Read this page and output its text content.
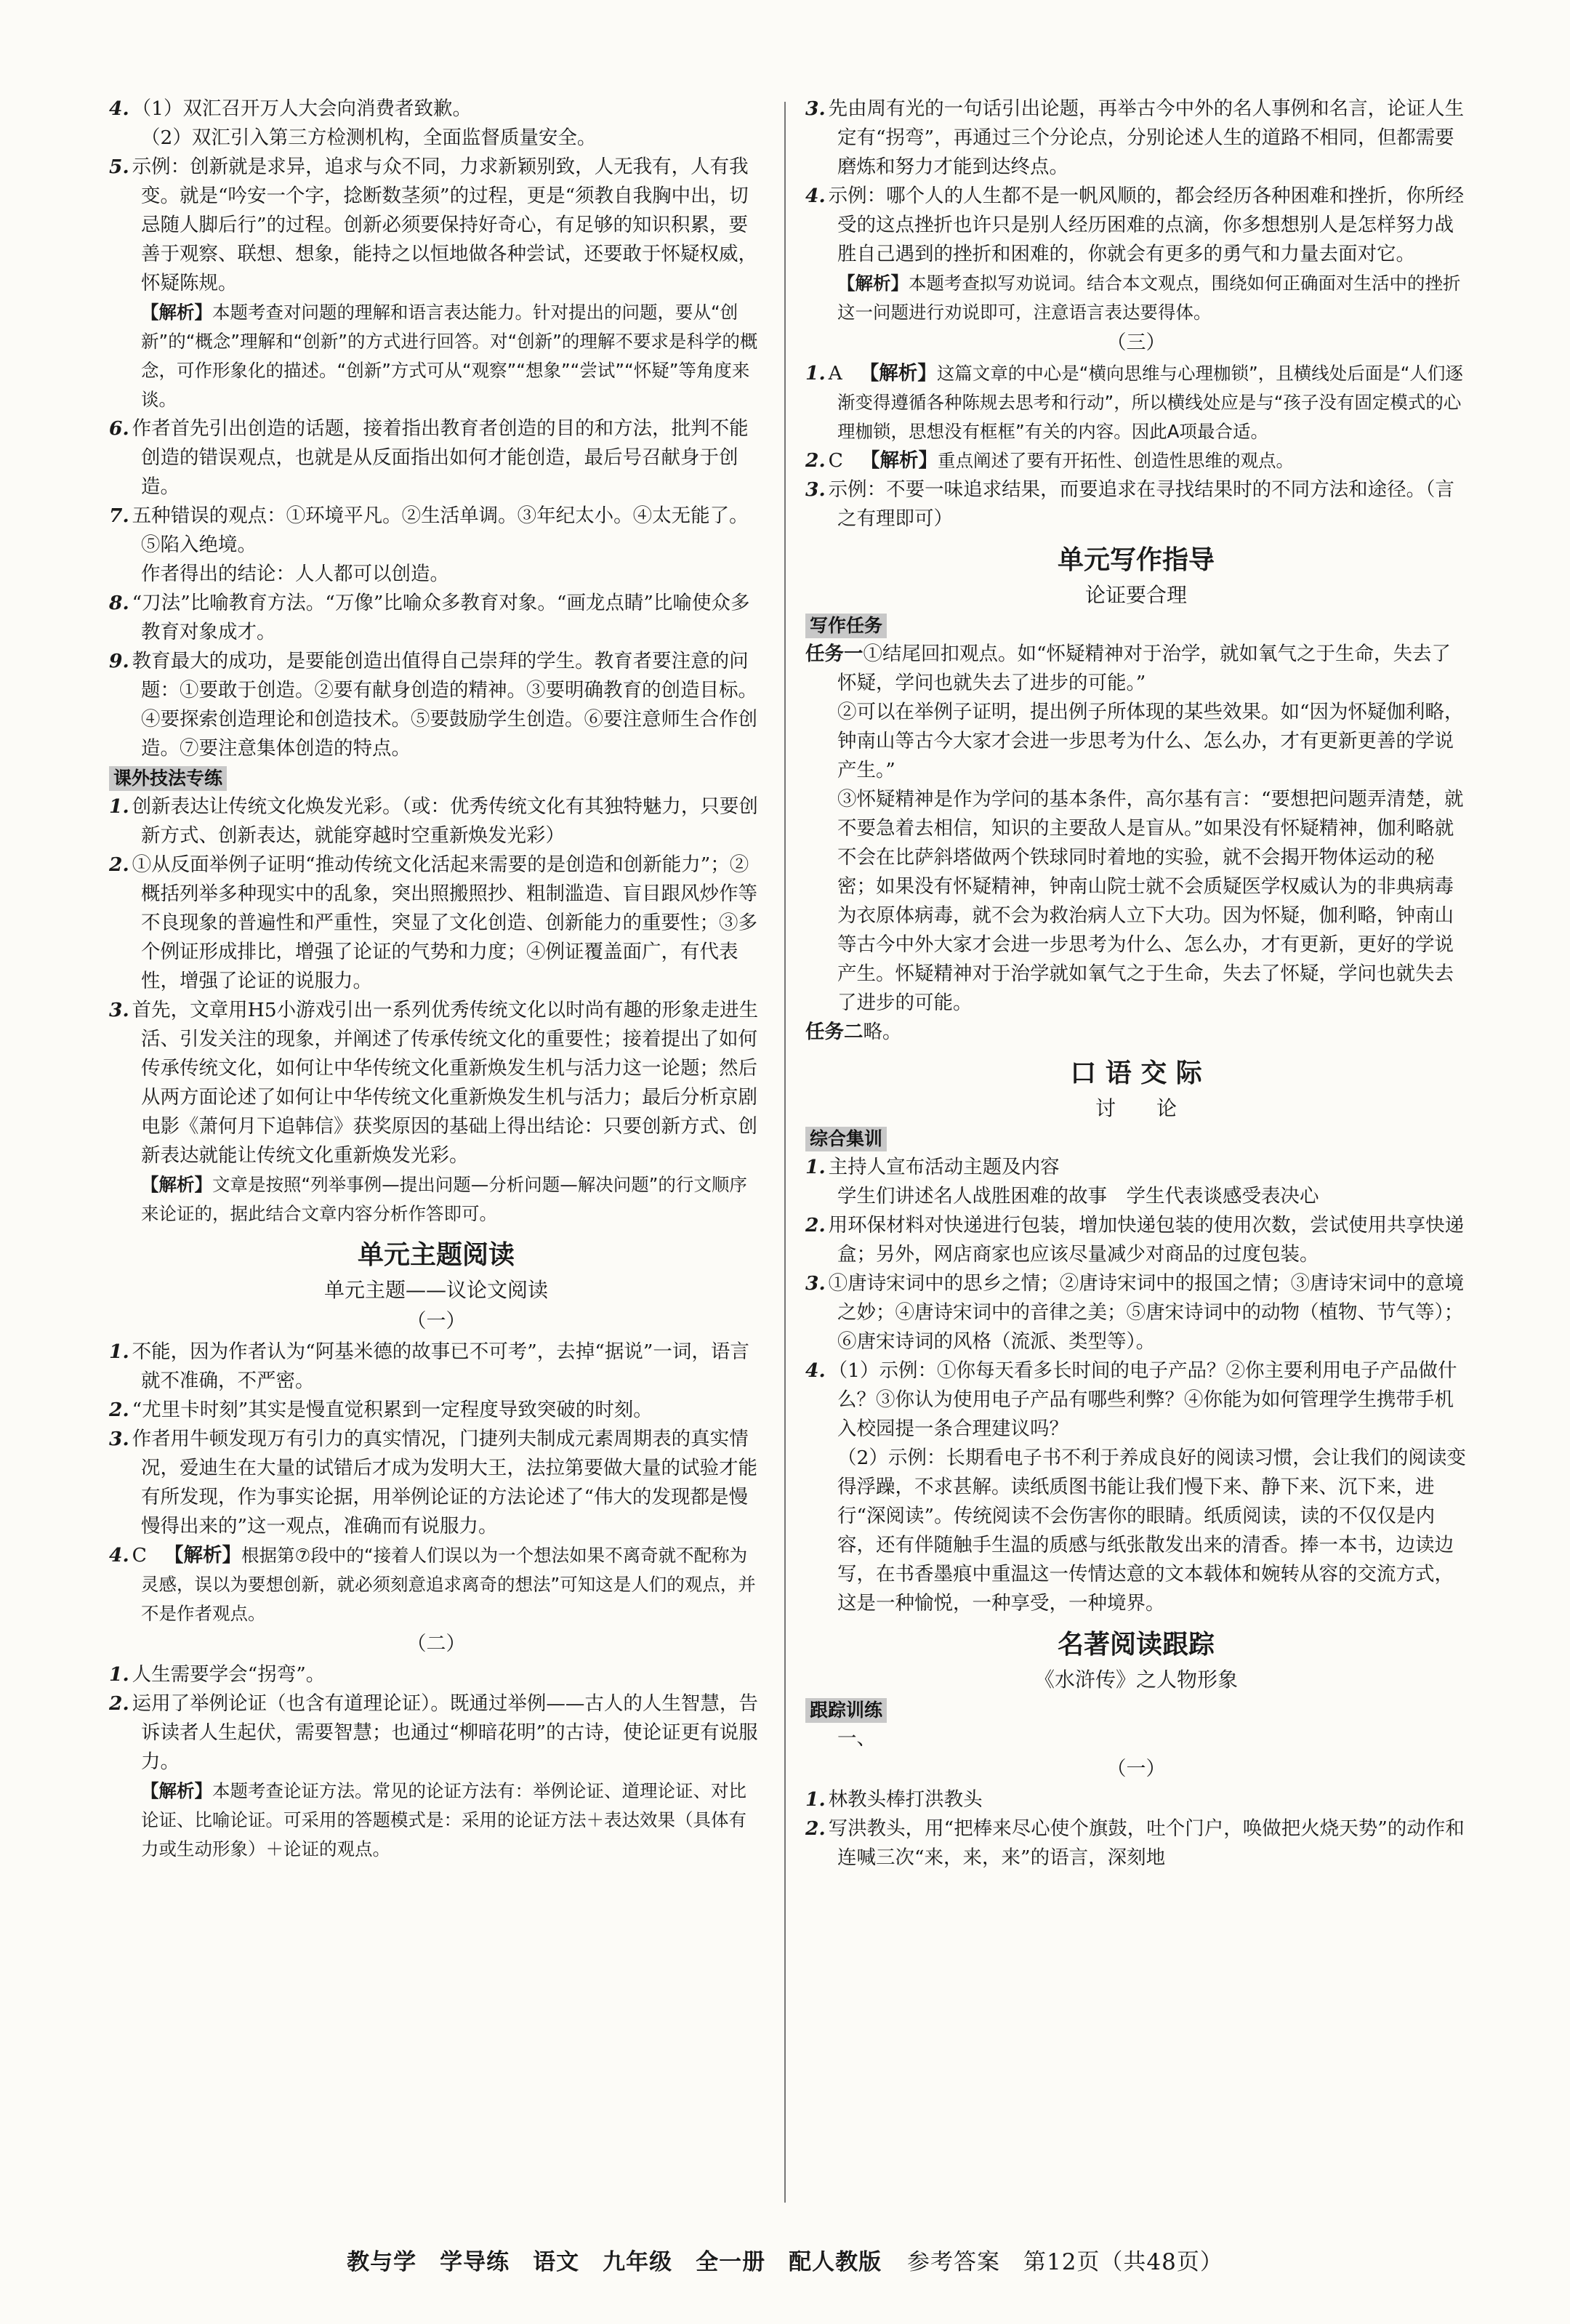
4. （1）双汇召开万人大会向消费者致歉。

（2）双汇引入第三方检测机构，全面监督质量安全。

5. 示例：创新就是求异，追求与众不同，力求新颖别致，人无我有，人有我变。就是“吟安一个字，捻断数茎须”的过程，更是“须教自我胸中出，切忌随人脚后行”的过程。创新必须要保持好奇心，有足够的知识积累，要善于观察、联想、想象，能持之以恒地做各种尝试，还要敢于怀疑权威，怀疑陈规。

【解析】本题考查对问题的理解和语言表达能力。针对提出的问题，要从“创新”的“概念”理解和“创新”的方式进行回答。对“创新”的理解不要求是科学的概念，可作形象化的描述。“创新”方式可从“观察”“想象”“尝试”“怀疑”等角度来谈。

6. 作者首先引出创造的话题，接着指出教育者创造的目的和方法，批判不能创造的错误观点，也就是从反面指出如何才能创造，最后号召献身于创造。

7. 五种错误的观点：①环境平凡。②生活单调。③年纪太小。④太无能了。⑤陷入绝境。

作者得出的结论：人人都可以创造。

8. “刀法”比喻教育方法。“万像”比喻众多教育对象。“画龙点睛”比喻使众多教育对象成才。

9. 教育最大的成功，是要能创造出值得自己崇拜的学生。教育者要注意的问题：①要敢于创造。②要有献身创造的精神。③要明确教育的创造目标。④要探索创造理论和创造技术。⑤要鼓励学生创造。⑥要注意师生合作创造。⑦要注意集体创造的特点。

课外技法专练

1. 创新表达让传统文化焕发光彩。（或：优秀传统文化有其独特魅力，只要创新方式、创新表达，就能穿越时空重新焕发光彩）

2. ①从反面举例子证明“推动传统文化活起来需要的是创造和创新能力”；②概括列举多种现实中的乱象，突出照搬照抄、粗制滥造、盲目跟风炒作等不良现象的普遍性和严重性，突显了文化创造、创新能力的重要性；③多个例证形成排比，增强了论证的气势和力度；④例证覆盖面广，有代表性，增强了论证的说服力。

3. 首先，文章用H5小游戏引出一系列优秀传统文化以时尚有趣的形象走进生活、引发关注的现象，并阐述了传承传统文化的重要性；接着提出了如何传承传统文化，如何让中华传统文化重新焕发生机与活力这一论题；然后从两方面论述了如何让中华传统文化重新焕发生机与活力；最后分析京剧电影《萧何月下追韩信》获奖原因的基础上得出结论：只要创新方式、创新表达就能让传统文化重新焕发光彩。

【解析】文章是按照“列举事例—提出问题—分析问题—解决问题”的行文顺序来论证的，据此结合文章内容分析作答即可。

单元主题阅读
单元主题——议论文阅读
（一）

1. 不能，因为作者认为“阿基米德的故事已不可考”，去掉“据说”一词，语言就不准确，不严密。

2. “尤里卡时刻”其实是慢直觉积累到一定程度导致突破的时刻。

3. 作者用牛顿发现万有引力的真实情况，门捷列夫制成元素周期表的真实情况，爱迪生在大量的试错后才成为发明大王，法拉第要做大量的试验才能有所发现，作为事实论据，用举例论证的方法论述了“伟大的发现都是慢慢得出来的”这一观点，准确而有说服力。

4. C 【解析】根据第⑦段中的“接着人们误以为一个想法如果不离奇就不配称为灵感，误以为要想创新，就必须刻意追求离奇的想法”可知这是人们的观点，并不是作者观点。

（二）

1. 人生需要学会“拐弯”。

2. 运用了举例论证（也含有道理论证）。既通过举例——古人的人生智慧，告诉读者人生起伏，需要智慧；也通过“柳暗花明”的古诗，使论证更有说服力。

【解析】本题考查论证方法。常见的论证方法有：举例论证、道理论证、对比论证、比喻论证。可采用的答题模式是：采用的论证方法＋表达效果（具体有力或生动形象）＋论证的观点。

3. 先由周有光的一句话引出论题，再举古今中外的名人事例和名言，论证人生定有“拐弯”，再通过三个分论点，分别论述人生的道路不相同，但都需要磨炼和努力才能到达终点。

4. 示例：哪个人的人生都不是一帆风顺的，都会经历各种困难和挫折，你所经受的这点挫折也许只是别人经历困难的点滴，你多想想别人是怎样努力战胜自己遇到的挫折和困难的，你就会有更多的勇气和力量去面对它。

【解析】本题考查拟写劝说词。结合本文观点，围绕如何正确面对生活中的挫折这一问题进行劝说即可，注意语言表达要得体。

（三）

1. A 【解析】这篇文章的中心是“横向思维与心理枷锁”，且横线处后面是“人们逐渐变得遵循各种陈规去思考和行动”，所以横线处应是与“孩子没有固定模式的心理枷锁，思想没有框框”有关的内容。因此A项最合适。

2. C 【解析】重点阐述了要有开拓性、创造性思维的观点。

3. 示例：不要一味追求结果，而要追求在寻找结果时的不同方法和途径。（言之有理即可）

单元写作指导
论证要合理
写作任务

任务一①结尾回扣观点。如“怀疑精神对于治学，就如氧气之于生命，失去了怀疑，学问也就失去了进步的可能。”

②可以在举例子证明，提出例子所体现的某些效果。如“因为怀疑伽利略，钟南山等古今大家才会进一步思考为什么、怎么办，才有更新更善的学说产生。”

③怀疑精神是作为学问的基本条件，高尔基有言：“要想把问题弄清楚，就不要急着去相信，知识的主要敌人是盲从。”如果没有怀疑精神，伽利略就不会在比萨斜塔做两个铁球同时着地的实验，就不会揭开物体运动的秘密；如果没有怀疑精神，钟南山院士就不会质疑医学权威认为的非典病毒为衣原体病毒，就不会为救治病人立下大功。因为怀疑，伽利略，钟南山等古今中外大家才会进一步思考为什么、怎么办，才有更新，更好的学说产生。怀疑精神对于治学就如氧气之于生命，失去了怀疑，学问也就失去了进步的可能。

任务二略。

口 语 交 际
讨　　论
综合集训

1. 主持人宣布活动主题及内容

学生们讲述名人战胜困难的故事　学生代表谈感受表决心

2. 用环保材料对快递进行包装，增加快递包装的使用次数，尝试使用共享快递盒；另外，网店商家也应该尽量减少对商品的过度包装。

3. ①唐诗宋词中的思乡之情；②唐诗宋词中的报国之情；③唐诗宋词中的意境之妙；④唐诗宋词中的音律之美；⑤唐宋诗词中的动物（植物、节气等）；⑥唐宋诗词的风格（流派、类型等）。

4. （1）示例：①你每天看多长时间的电子产品？②你主要利用电子产品做什么？③你认为使用电子产品有哪些利弊？④你能为如何管理学生携带手机入校园提一条合理建议吗？

（2）示例：长期看电子书不利于养成良好的阅读习惯，会让我们的阅读变得浮躁，不求甚解。读纸质图书能让我们慢下来、静下来、沉下来，进行“深阅读”。传统阅读不会伤害你的眼睛。纸质阅读，读的不仅仅是内容，还有伴随触手生温的质感与纸张散发出来的清香。捧一本书，边读边写，在书香墨痕中重温这一传情达意的文本载体和婉转从容的交流方式，这是一种愉悦，一种享受，一种境界。

名著阅读跟踪
《水浒传》之人物形象
跟踪训练

一、

（一）

1. 林教头棒打洪教头

2. 写洪教头，用“把棒来尽心使个旗鼓，吐个门户，唤做把火烧天势”的动作和连喊三次“来，来，来”的语言，深刻地

教与学　学导练　语文　九年级　全一册　配人教版 参考答案　第12页（共48页）
